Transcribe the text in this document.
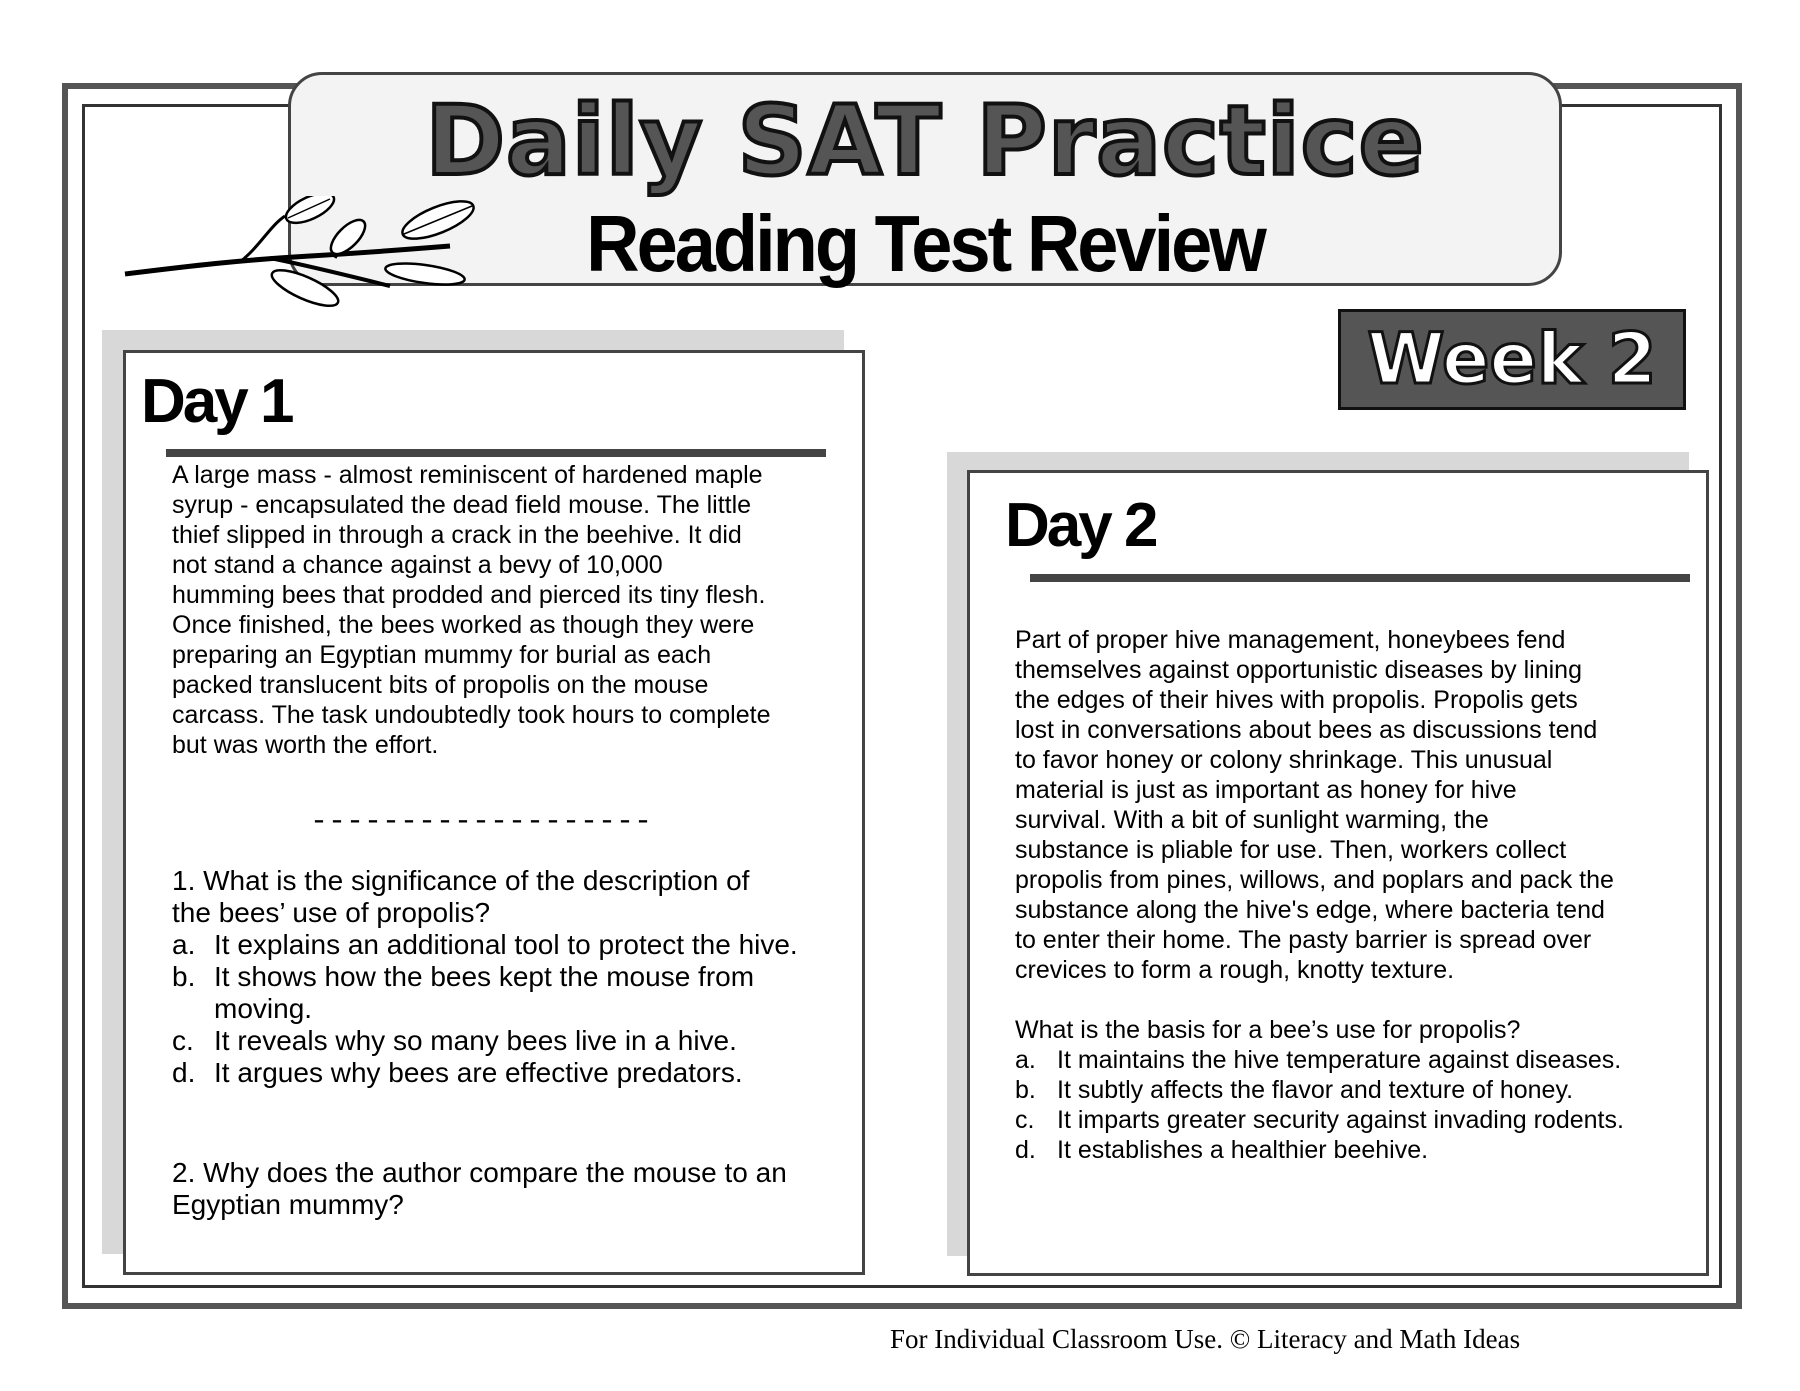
Daily SAT Practice
Reading Test Review
Week 2
Day 1

A large mass - almost reminiscent of hardened maple

syrup - encapsulated the dead field mouse. The little

thief slipped in through a crack in the beehive. It did

not stand a chance against a bevy of 10,000

humming bees that prodded and pierced its tiny flesh.

Once finished, the bees worked as though they were

preparing an Egyptian mummy for burial as each

packed translucent bits of propolis on the mouse

carcass. The task undoubtedly took hours to complete

but was worth the effort.

-------------------

1. What is the significance of the description of

the bees’ use of propolis?

a. It explains an additional tool to protect the hive.
b. It shows how the bees kept the mouse from moving.
c. It reveals why so many bees live in a hive.
d. It argues why bees are effective predators.

2. Why does the author compare the mouse to an

Egyptian mummy?

Day 2

Part of proper hive management, honeybees fend

themselves against opportunistic diseases by lining

the edges of their hives with propolis. Propolis gets

lost in conversations about bees as discussions tend

to favor honey or colony shrinkage. This unusual

material is just as important as honey for hive

survival. With a bit of sunlight warming, the

substance is pliable for use. Then, workers collect

propolis from pines, willows, and poplars and pack the

substance along the hive's edge, where bacteria tend

to enter their home. The pasty barrier is spread over

crevices to form a rough, knotty texture.

What is the basis for a bee’s use for propolis?

a. It maintains the hive temperature against diseases.
b. It subtly affects the flavor and texture of honey.
c. It imparts greater security against invading rodents.
d. It establishes a healthier beehive.
For Individual Classroom Use. © Literacy and Math Ideas
